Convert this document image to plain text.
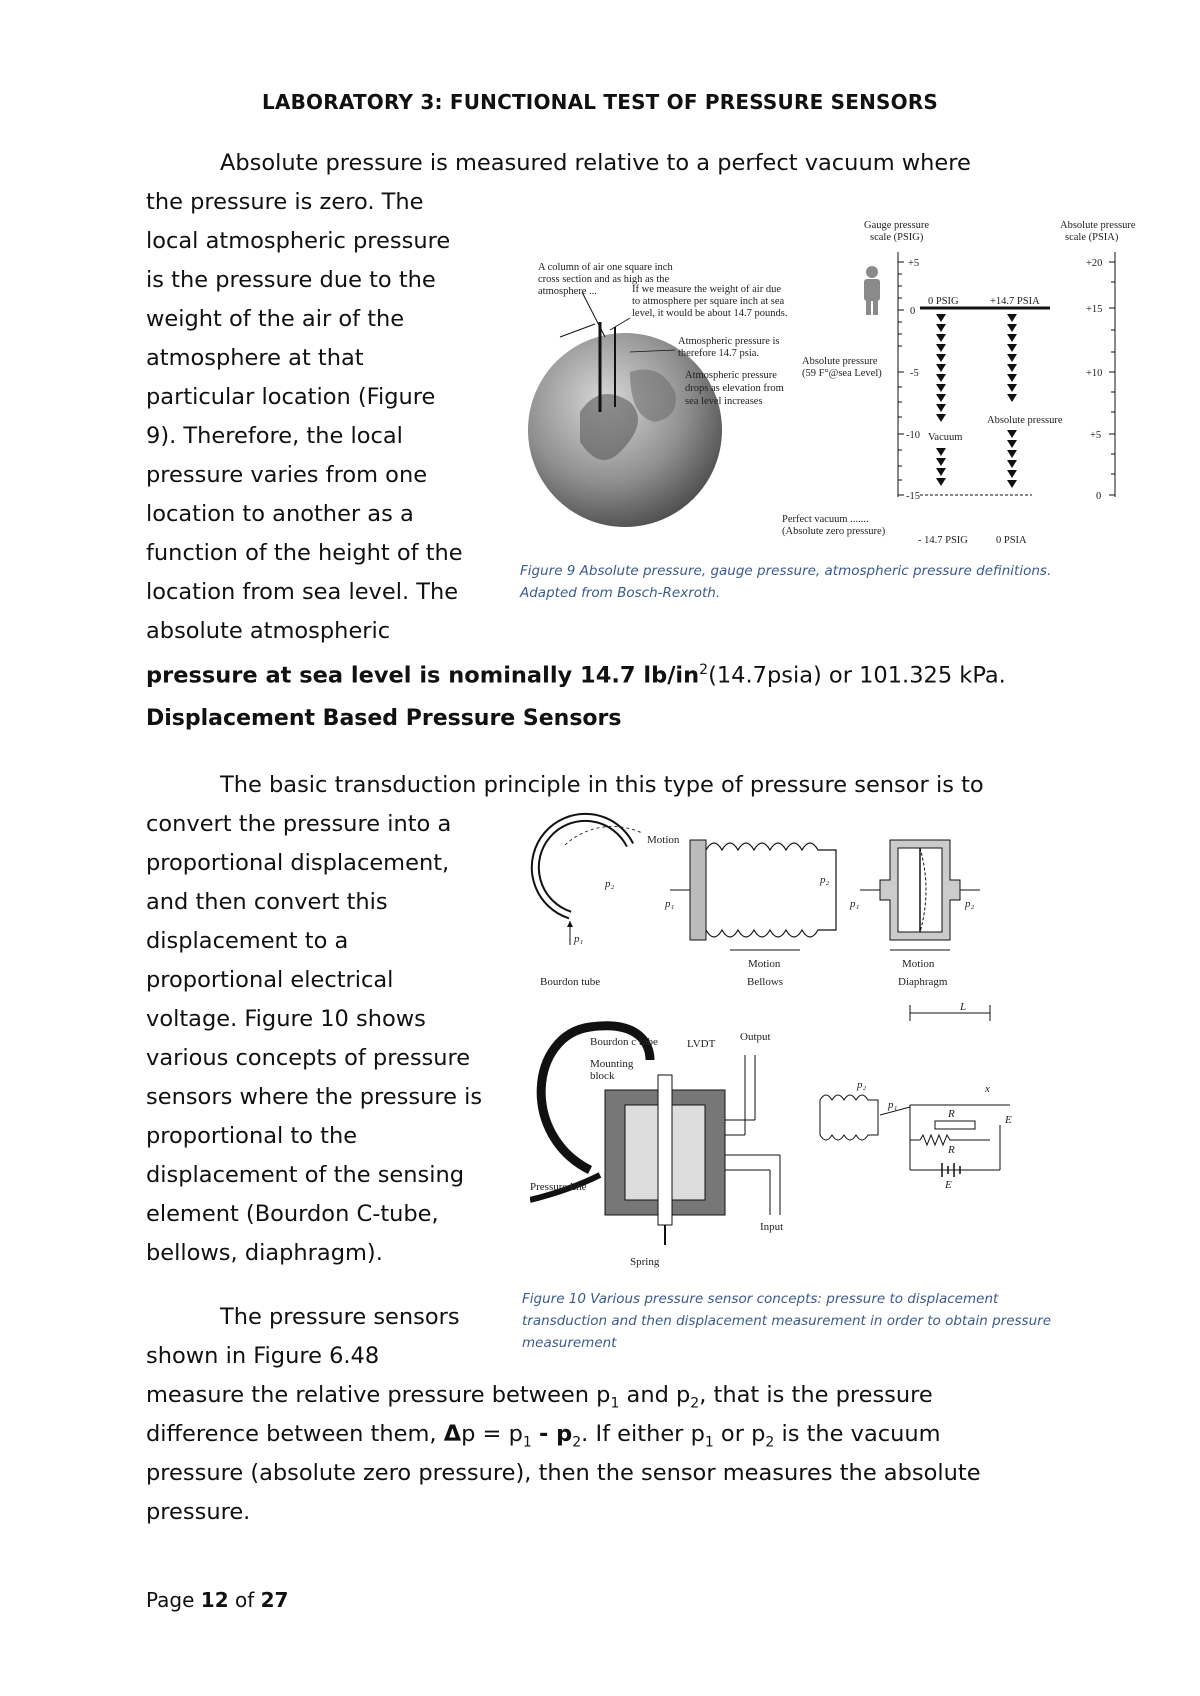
LABORATORY 3: FUNCTIONAL TEST OF PRESSURE SENSORS
Absolute pressure is measured relative to a perfect vacuum where
the pressure is zero. The
local atmospheric pressure
is the pressure due to the
weight of the air of the
atmosphere at that
particular location (Figure
9). Therefore, the local
pressure varies from one
location to another as a
function of the height of the
location from sea level. The
absolute atmospheric
pressure at sea level is nominally 14.7 $lb/in^2(14.7psia)$ or 101.325 kPa.
A column of air one square inch
cross section and as high as the
atmosphere ...	If we measure the weight of air due
to atmosphere per square inch at sea
level, it would be about 14.7 pounds.
Atmospheric pressure is
therefore 14.7 psia.
Atmospheric pressure
drops as elevation from
sea level increases
Absolute pressure
(59 F°@sea Level)
Perfect vacuum .......
(Absolute zero pressure)
Gauge pressure
scale (PSIG)
Absolute pressure
scale (PSIA)
+5
0
-5
-10
-15
0 PSIG	+14.7 PSIA
Vacuum
Absolute pressure
- 14.7 PSIG	0 PSIA
+20
+15
+10
+5
0
Figure 9 Absolute pressure, gauge pressure, atmospheric pressure definitions.
Adapted from Bosch-Rexroth.
Displacement Based Pressure Sensors
The basic transduction principle in this type of pressure sensor is to
convert the pressure into a
proportional displacement,
and then convert this
displacement to a
proportional electrical
voltage. Figure 10 shows
various concepts of pressure
sensors where the pressure is
proportional to the
displacement of the sensing
element (Bourdon C-tube,
bellows, diaphragm).
Motion
p₂
p₁
Bourdon tube
p₁
p₂
Motion
Bellows
p₁	p₂
Motion
Diaphragm
Bourdon c tube
Mounting
block
LVDT
Output
Pressure line
Spring
Input
L
x
R
R
E
E
p₂
p₁
Figure 10 Various pressure sensor concepts: pressure to displacement
transduction and then displacement measurement in order to obtain pressure
measurement
The pressure sensors
shown in Figure 6.48
measure the relative pressure between $p_1$ and $p_2$, that is the pressure
difference between them, $\Delta p = p_1 - p_2$. If either $p_1$ or $p_2$ is the vacuum
pressure (absolute zero pressure), then the sensor measures the absolute
pressure.
Page 12 of 27
